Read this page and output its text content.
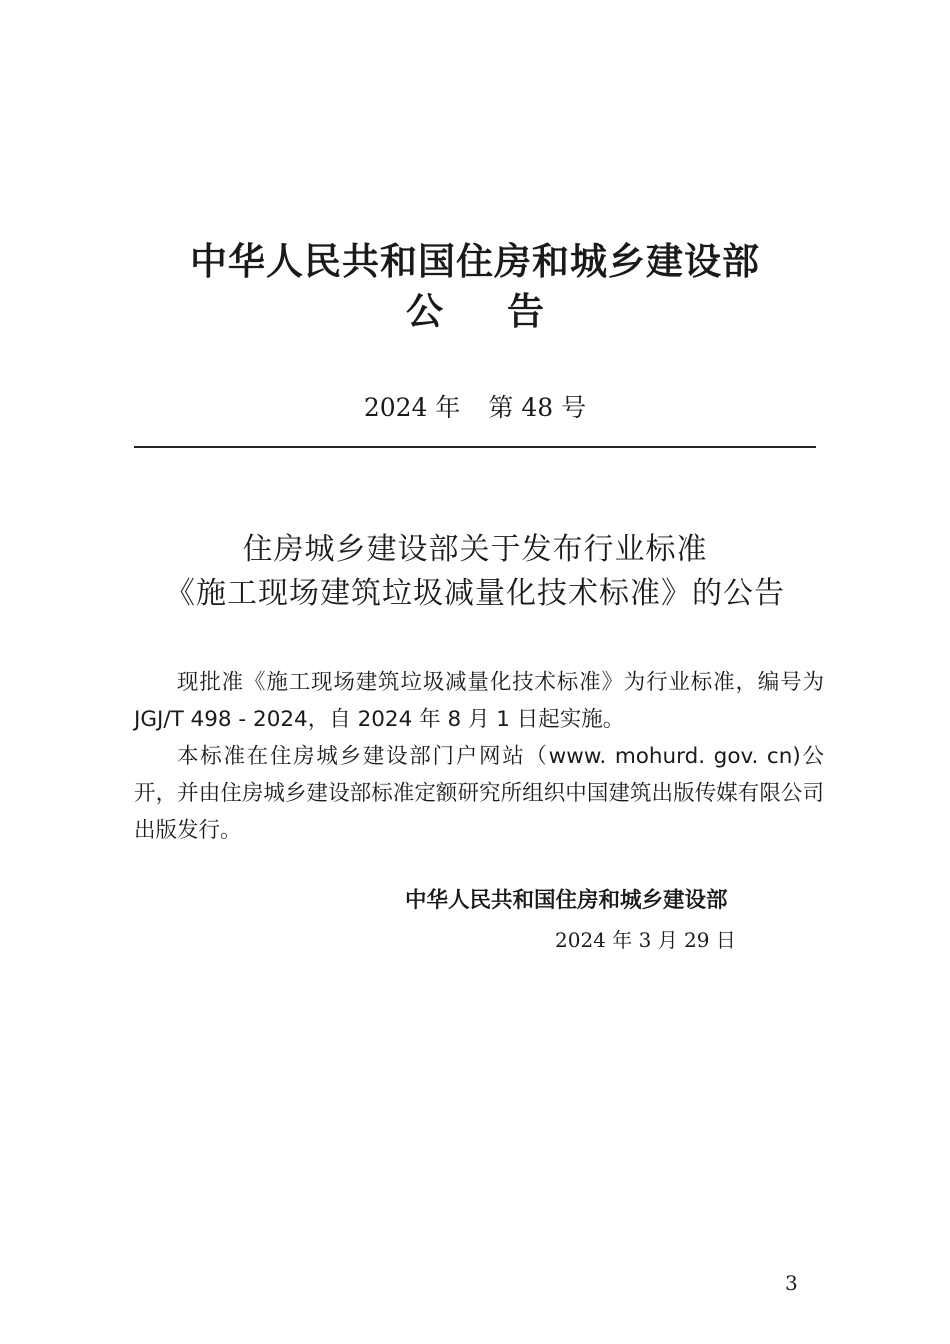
中华人民共和国住房和城乡建设部
公告
2024 年 第 48 号
住房城乡建设部关于发布行业标准
《施工现场建筑垃圾减量化技术标准》的公告

现批准《施工现场建筑垃圾减量化技术标准》为行业标准，编号为 JGJ/T 498 - 2024，自 2024 年 8 月 1 日起实施。

本标准在住房城乡建设部门户网站（www. mohurd. gov. cn)公开，并由住房城乡建设部标准定额研究所组织中国建筑出版传媒有限公司出版发行。

中华人民共和国住房和城乡建设部
2024 年 3 月 29 日
3
